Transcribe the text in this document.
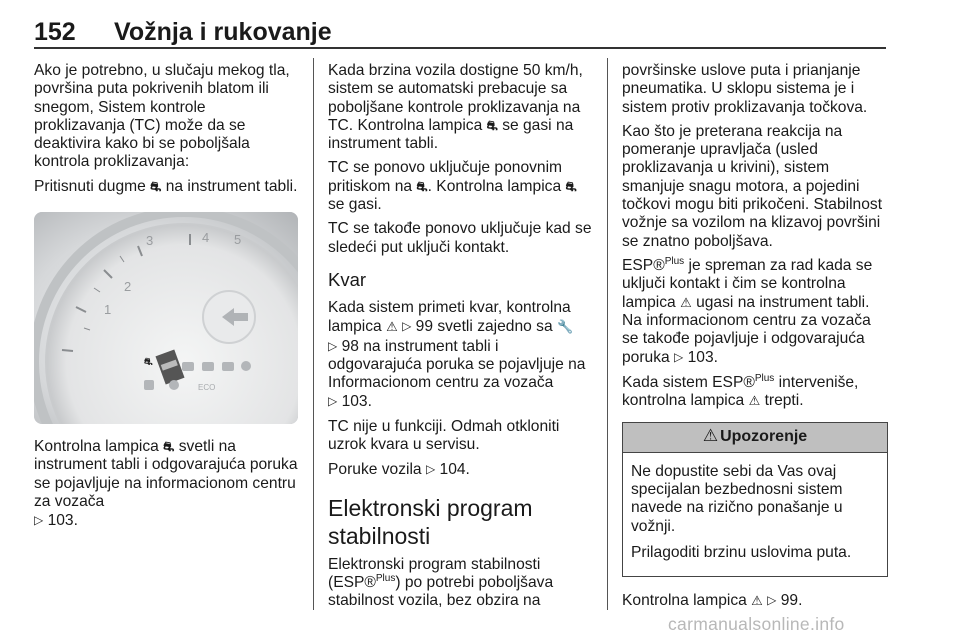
152 Vožnja i rukovanje

Ako je potrebno, u slučaju mekog tla, površina puta pokrivenih blatom ili snegom, Sistem kontrole proklizavanja (TC) može da se deaktivira kako bi se poboljšala kontrola proklizavanja:

Pritisnuti dugme ⛐ na instrument tabli.

⛐
5
4
3
2
1
ECO

Kontrolna lampica ⛐ svetli na instrument tabli i odgovarajuća poruka se pojavljuje na informacionom centru za vozača
▷ 103.

Kada brzina vozila dostigne 50 km/h, sistem se automatski prebacuje sa poboljšane kontrole proklizavanja na TC. Kontrolna lampica ⛐ se gasi na instrument tabli.

TC se ponovo uključuje ponovnim pritiskom na ⛐. Kontrolna lampica ⛐ se gasi.

TC se takođe ponovo uključuje kad se sledeći put uključi kontakt.

Kvar

Kada sistem primeti kvar, kontrolna lampica ⚠ ▷ 99 svetli zajedno sa 🔧
▷ 98 na instrument tabli i odgovarajuća poruka se pojavljuje na Informacionom centru za vozača
▷ 103.

TC nije u funkciji. Odmah otkloniti uzrok kvara u servisu.

Poruke vozila ▷ 104.

Elektronski program stabilnosti

Elektronski program stabilnosti (ESP®$^{Plus}$) po potrebi poboljšava stabilnost vozila, bez obzira na

površinske uslove puta i prianjanje pneumatika. U sklopu sistema je i sistem protiv proklizavanja točkova.

Kao što je preterana reakcija na pomeranje upravljača (usled proklizavanja u krivini), sistem smanjuje snagu motora, a pojedini točkovi mogu biti prikočeni. Stabilnost vožnje sa vozilom na klizavoj površini se znatno poboljšava.

ESP®$^{Plus}$ je spreman za rad kada se uključi kontakt i čim se kontrolna lampica ⚠ ugasi na instrument tabli. Na informacionom centru za vozača se takođe pojavljuje i odgovarajuća poruka ▷ 103.

Kada sistem ESP®$^{Plus}$ interveniše, kontrolna lampica ⚠ trepti.

⚠ Upozorenje

Ne dopustite sebi da Vas ovaj specijalan bezbednosni sistem navede na rizično ponašanje u vožnji.

Prilagoditi brzinu uslovima puta.

Kontrolna lampica ⚠ ▷ 99.

carmanualsonline.info
